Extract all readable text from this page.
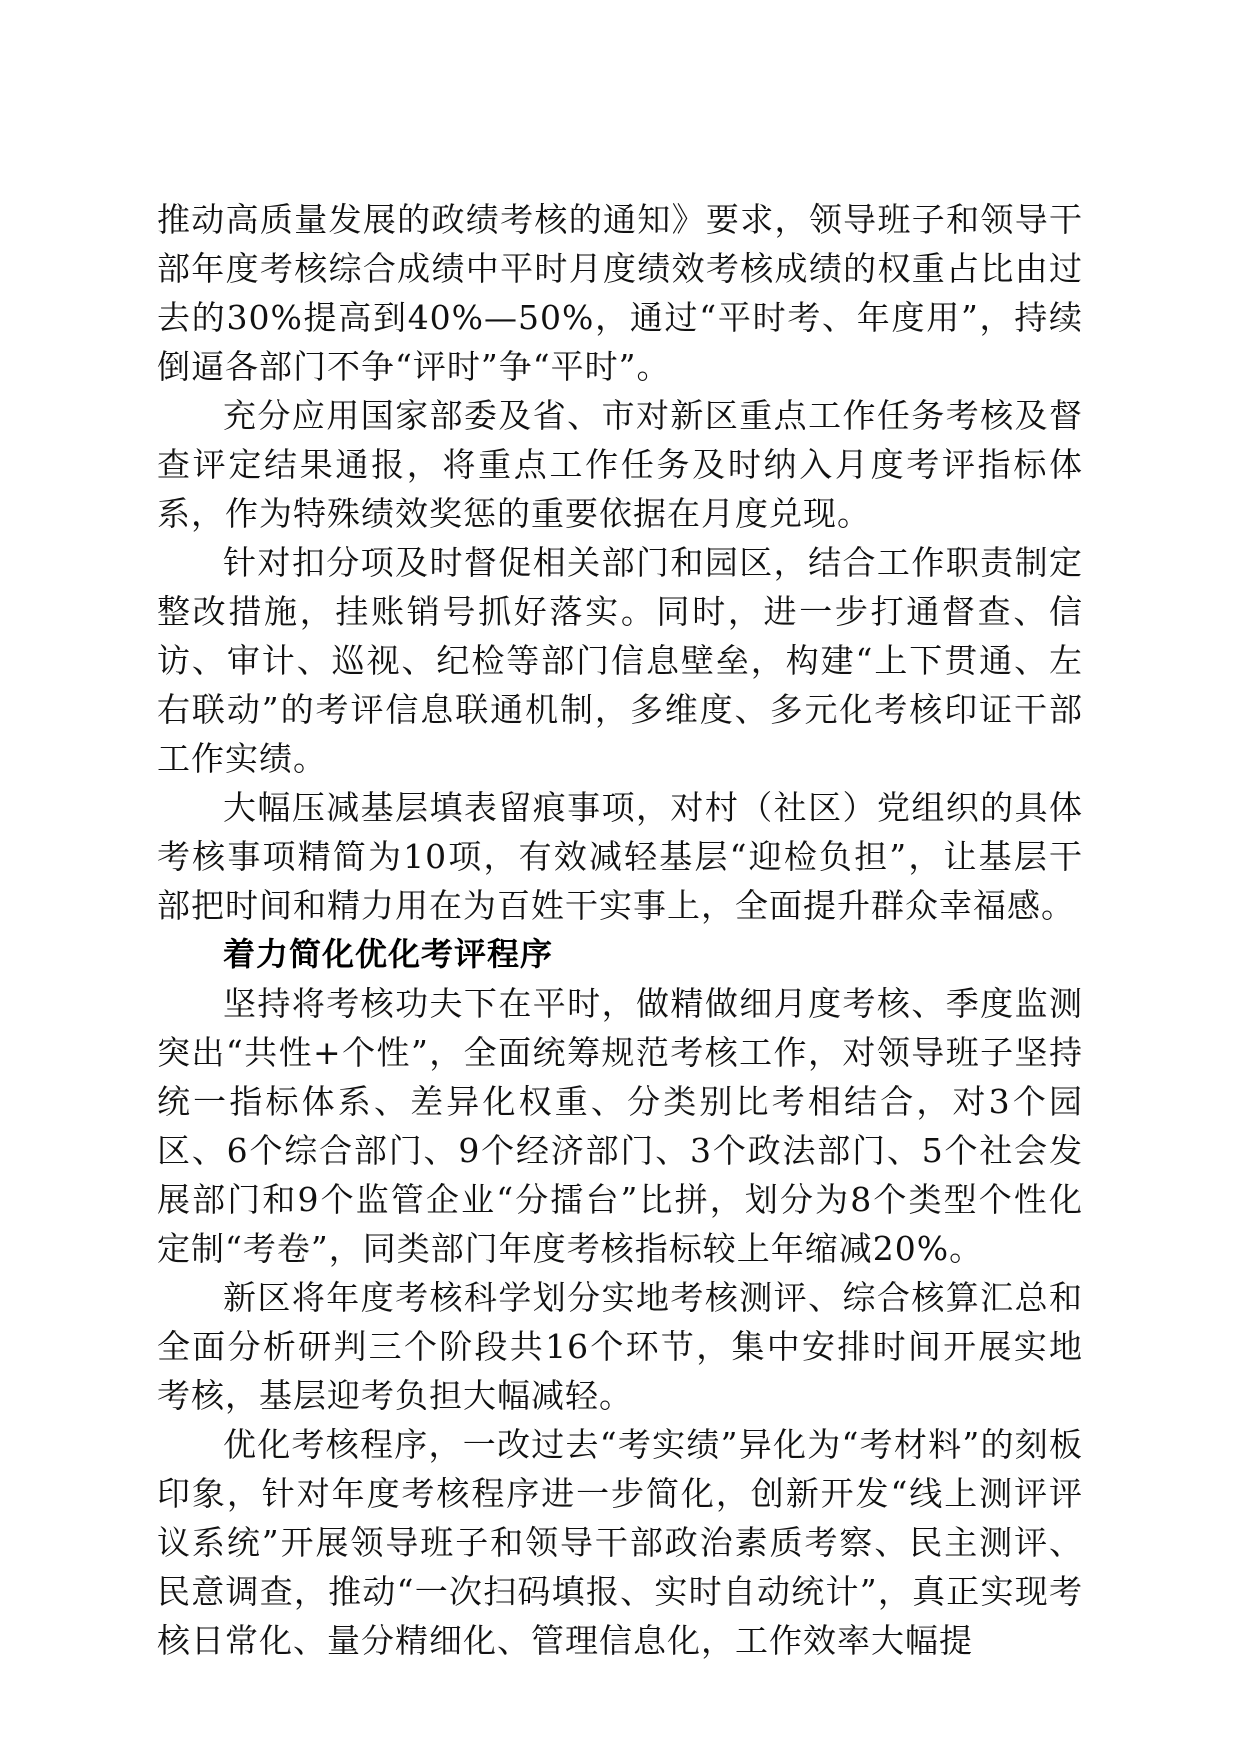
推动高质量发展的政绩考核的通知》要求，领导班子和领导干部年度考核综合成绩中平时月度绩效考核成绩的权重占比由过去的30%提高到40%—50%，通过“平时考、年度用”，持续倒逼各部门不争“评时”争“平时”。

充分应用国家部委及省、市对新区重点工作任务考核及督查评定结果通报，将重点工作任务及时纳入月度考评指标体系，作为特殊绩效奖惩的重要依据在月度兑现。

针对扣分项及时督促相关部门和园区，结合工作职责制定整改措施，挂账销号抓好落实。同时，进一步打通督查、信访、审计、巡视、纪检等部门信息壁垒，构建“上下贯通、左右联动”的考评信息联通机制，多维度、多元化考核印证干部工作实绩。

大幅压减基层填表留痕事项，对村（社区）党组织的具体考核事项精简为10项，有效减轻基层“迎检负担”，让基层干部把时间和精力用在为百姓干实事上，全面提升群众幸福感。

着力简化优化考评程序

坚持将考核功夫下在平时，做精做细月度考核、季度监测突出“共性+个性”，全面统筹规范考核工作，对领导班子坚持统一指标体系、差异化权重、分类别比考相结合，对3个园区、6个综合部门、9个经济部门、3个政法部门、5个社会发展部门和9个监管企业“分擂台”比拼，划分为8个类型个性化定制“考卷”，同类部门年度考核指标较上年缩减20%。

新区将年度考核科学划分实地考核测评、综合核算汇总和全面分析研判三个阶段共16个环节，集中安排时间开展实地考核，基层迎考负担大幅减轻。

优化考核程序，一改过去“考实绩”异化为“考材料”的刻板印象，针对年度考核程序进一步简化，创新开发“线上测评评议系统”开展领导班子和领导干部政治素质考察、民主测评、民意调查，推动“一次扫码填报、实时自动统计”，真正实现考核日常化、量分精细化、管理信息化，工作效率大幅提
